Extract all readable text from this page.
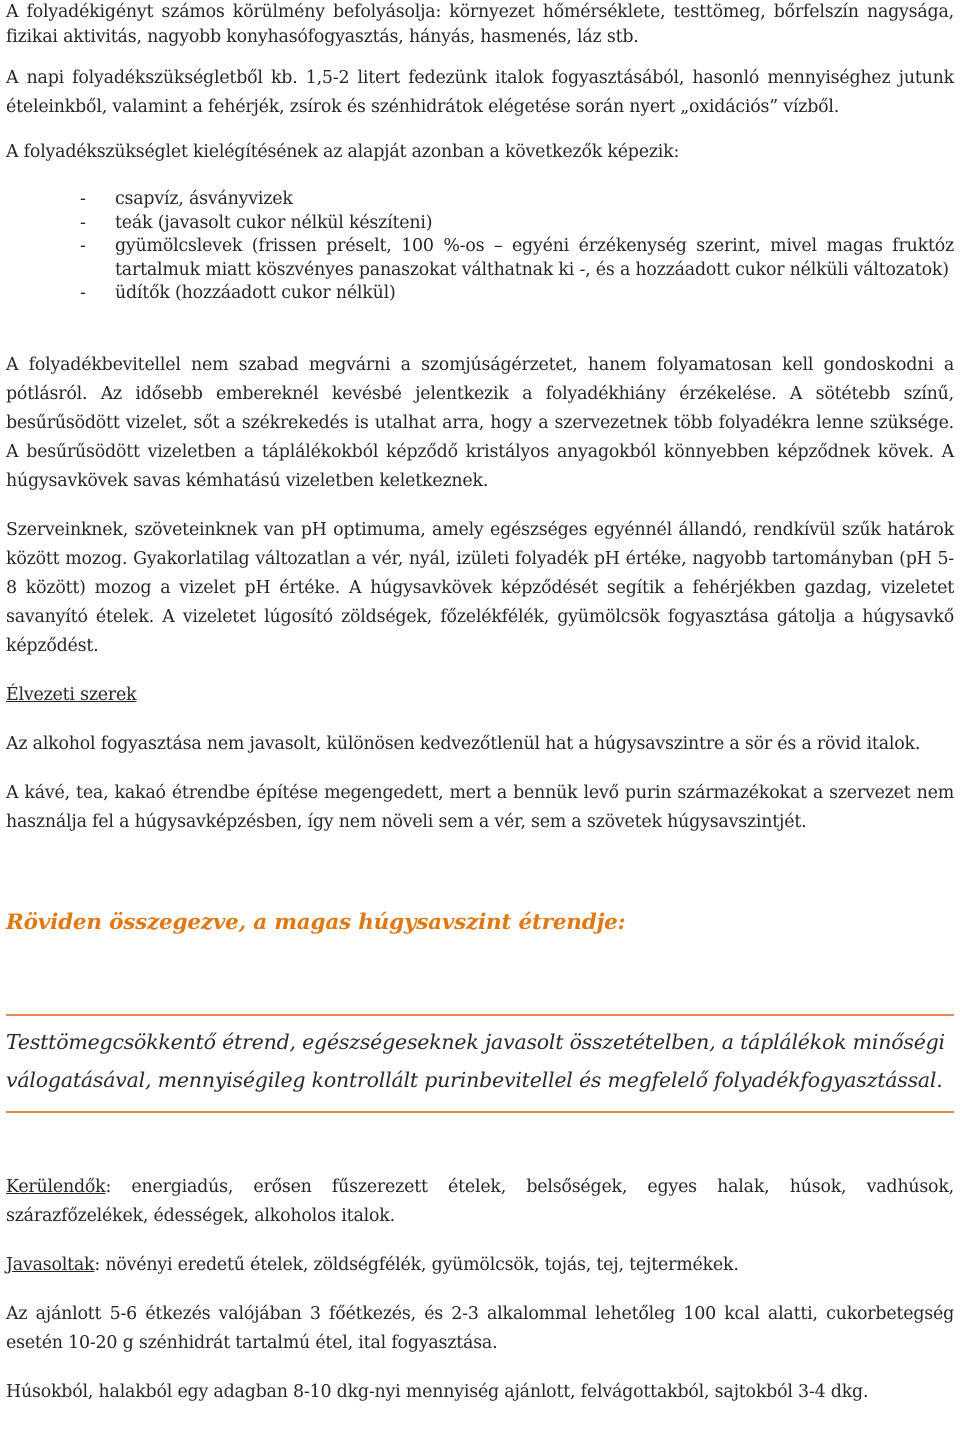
A folyadékigényt számos körülmény befolyásolja: környezet hőmérséklete, testtömeg, bőrfelszín nagysága, fizikai aktivitás, nagyobb konyhasófogyasztás, hányás, hasmenés, láz stb.

A napi folyadékszükségletből kb. 1,5-2 litert fedezünk italok fogyasztásából, hasonló mennyiséghez jutunk ételeinkből, valamint a fehérjék, zsírok és szénhidrátok elégetése során nyert „oxidációs” vízből.

A folyadékszükséglet kielégítésének az alapját azonban a következők képezik:

- csapvíz, ásványvizek
- teák (javasolt cukor nélkül készíteni)
- gyümölcslevek (frissen préselt, 100 %-os – egyéni érzékenység szerint, mivel magas fruktóz tartalmuk miatt köszvényes panaszokat válthatnak ki -, és a hozzáadott cukor nélküli változatok)
- üdítők (hozzáadott cukor nélkül)

A folyadékbevitellel nem szabad megvárni a szomjúságérzetet, hanem folyamatosan kell gondoskodni a pótlásról. Az idősebb embereknél kevésbé jelentkezik a folyadékhiány érzékelése. A sötétebb színű, besűrűsödött vizelet, sőt a székrekedés is utalhat arra, hogy a szervezetnek több folyadékra lenne szüksége. A besűrűsödött vizeletben a táplálékokból képződő kristályos anyagokból könnyebben képződnek kövek. A húgysavkövek savas kémhatású vizeletben keletkeznek.

Szerveinknek, szöveteinknek van pH optimuma, amely egészséges egyénnél állandó, rendkívül szűk határok között mozog. Gyakorlatilag változatlan a vér, nyál, izületi folyadék pH értéke, nagyobb tartományban (pH 5-8 között) mozog a vizelet pH értéke. A húgysavkövek képződését segítik a fehérjékben gazdag, vizeletet savanyító ételek. A vizeletet lúgosító zöldségek, főzelékfélék, gyümölcsök fogyasztása gátolja a húgysavkő képződést.

Élvezeti szerek

Az alkohol fogyasztása nem javasolt, különösen kedvezőtlenül hat a húgysavszintre a sör és a rövid italok.

A kávé, tea, kakaó étrendbe építése megengedett, mert a bennük levő purin származékokat a szervezet nem használja fel a húgysavképzésben, így nem növeli sem a vér, sem a szövetek húgysavszintjét.

Röviden összegezve, a magas húgysavszint étrendje:

Testtömegcsökkentő étrend, egészségeseknek javasolt összetételben, a táplálékok minőségi válogatásával, mennyiségileg kontrollált purinbevitellel és megfelelő folyadékfogyasztással.

Kerülendők: energiadús, erősen fűszerezett ételek, belsőségek, egyes halak, húsok, vadhúsok, szárazfőzelékek, édességek, alkoholos italok.

Javasoltak: növényi eredetű ételek, zöldségfélék, gyümölcsök, tojás, tej, tejtermékek.

Az ajánlott 5-6 étkezés valójában 3 főétkezés, és 2-3 alkalommal lehetőleg 100 kcal alatti, cukorbetegség esetén 10-20 g szénhidrát tartalmú étel, ital fogyasztása.

Húsokból, halakból egy adagban 8-10 dkg-nyi mennyiség ajánlott, felvágottakból, sajtokból 3-4 dkg.
